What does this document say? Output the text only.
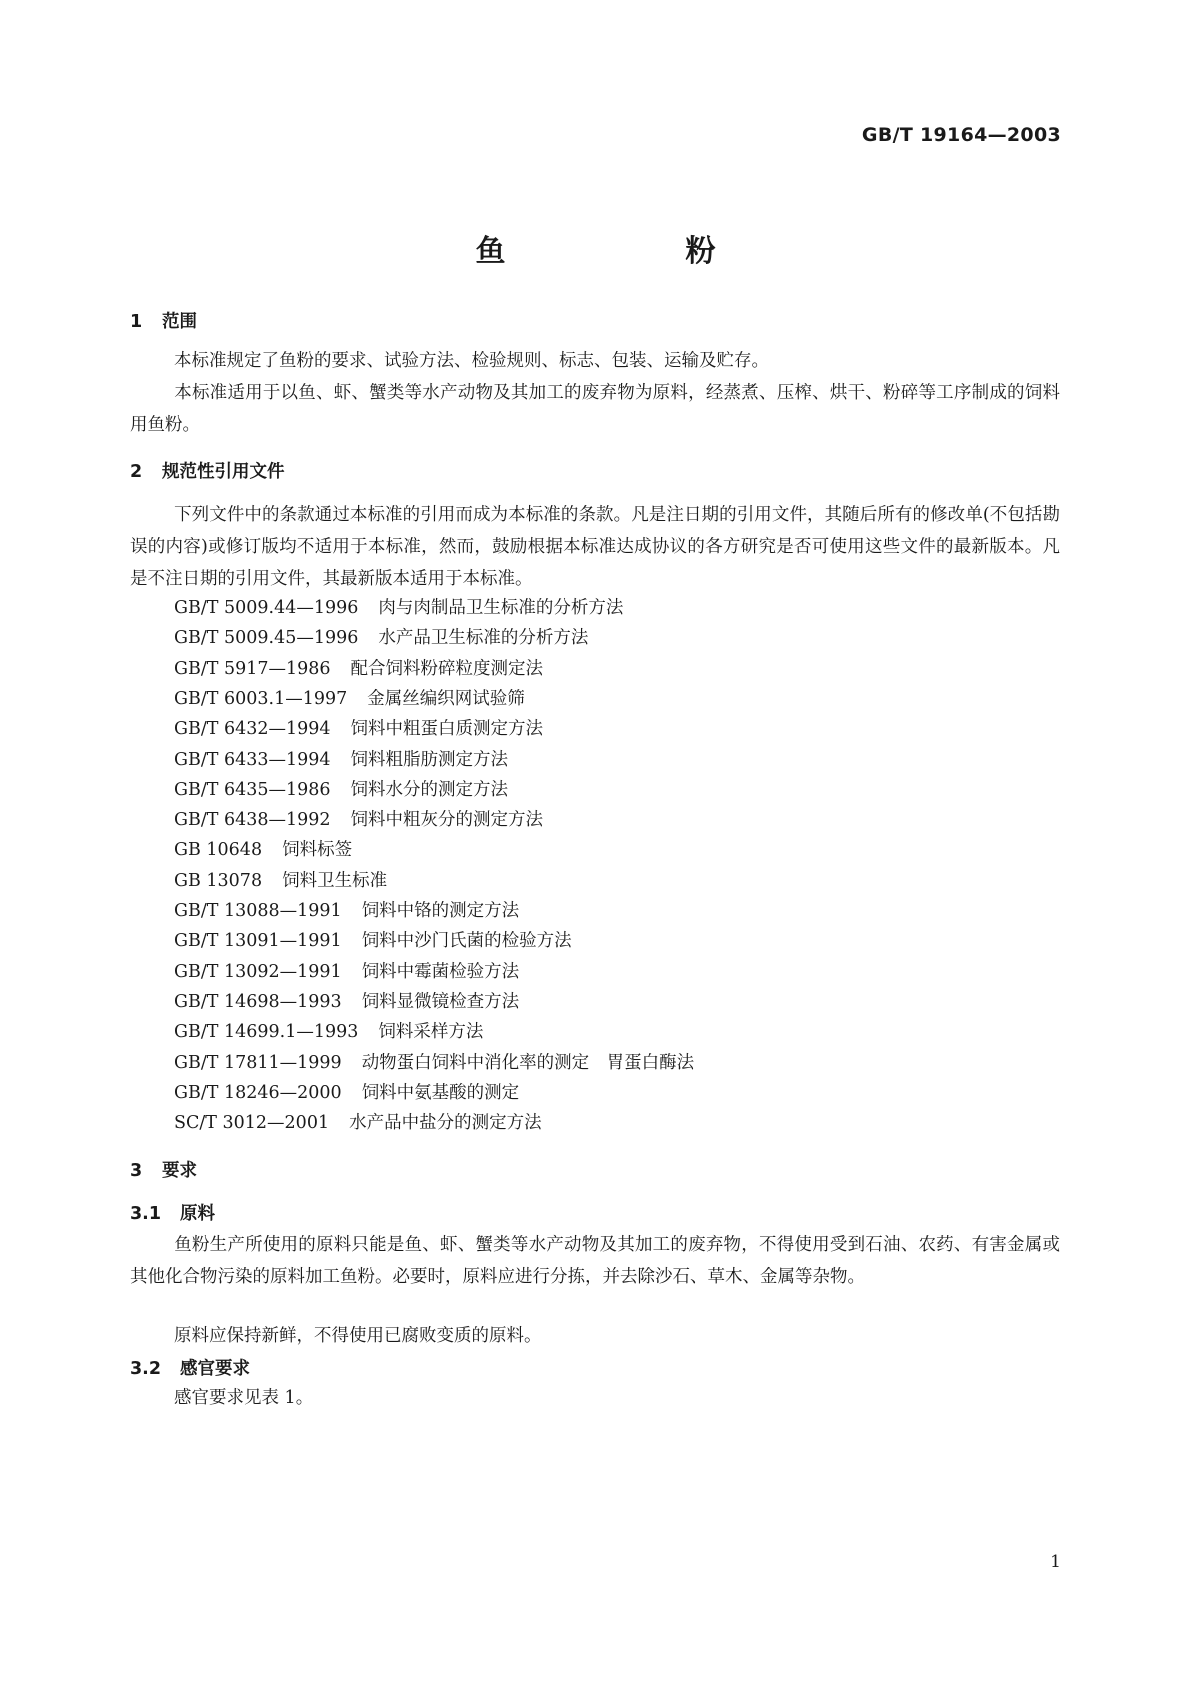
GB/T 19164—2003
鱼	粉
1 范围
本标准规定了鱼粉的要求、试验方法、检验规则、标志、包装、运输及贮存。
本标准适用于以鱼、虾、蟹类等水产动物及其加工的废弃物为原料，经蒸煮、压榨、烘干、粉碎等工序制成的饲料用鱼粉。
2 规范性引用文件
下列文件中的条款通过本标准的引用而成为本标准的条款。凡是注日期的引用文件，其随后所有的修改单(不包括勘误的内容)或修订版均不适用于本标准，然而，鼓励根据本标准达成协议的各方研究是否可使用这些文件的最新版本。凡是不注日期的引用文件，其最新版本适用于本标准。
GB/T 5009.44—1996 肉与肉制品卫生标准的分析方法
GB/T 5009.45—1996 水产品卫生标准的分析方法
GB/T 5917—1986 配合饲料粉碎粒度测定法
GB/T 6003.1—1997 金属丝编织网试验筛
GB/T 6432—1994 饲料中粗蛋白质测定方法
GB/T 6433—1994 饲料粗脂肪测定方法
GB/T 6435—1986 饲料水分的测定方法
GB/T 6438—1992 饲料中粗灰分的测定方法
GB 10648 饲料标签
GB 13078 饲料卫生标准
GB/T 13088—1991 饲料中铬的测定方法
GB/T 13091—1991 饲料中沙门氏菌的检验方法
GB/T 13092—1991 饲料中霉菌检验方法
GB/T 14698—1993 饲料显微镜检查方法
GB/T 14699.1—1993 饲料采样方法
GB/T 17811—1999 动物蛋白饲料中消化率的测定　胃蛋白酶法
GB/T 18246—2000 饲料中氨基酸的测定
SC/T 3012—2001 水产品中盐分的测定方法
3 要求
3.1 原料
鱼粉生产所使用的原料只能是鱼、虾、蟹类等水产动物及其加工的废弃物，不得使用受到石油、农药、有害金属或其他化合物污染的原料加工鱼粉。必要时，原料应进行分拣，并去除沙石、草木、金属等杂物。
原料应保持新鲜，不得使用已腐败变质的原料。
3.2 感官要求
感官要求见表 1。
1
